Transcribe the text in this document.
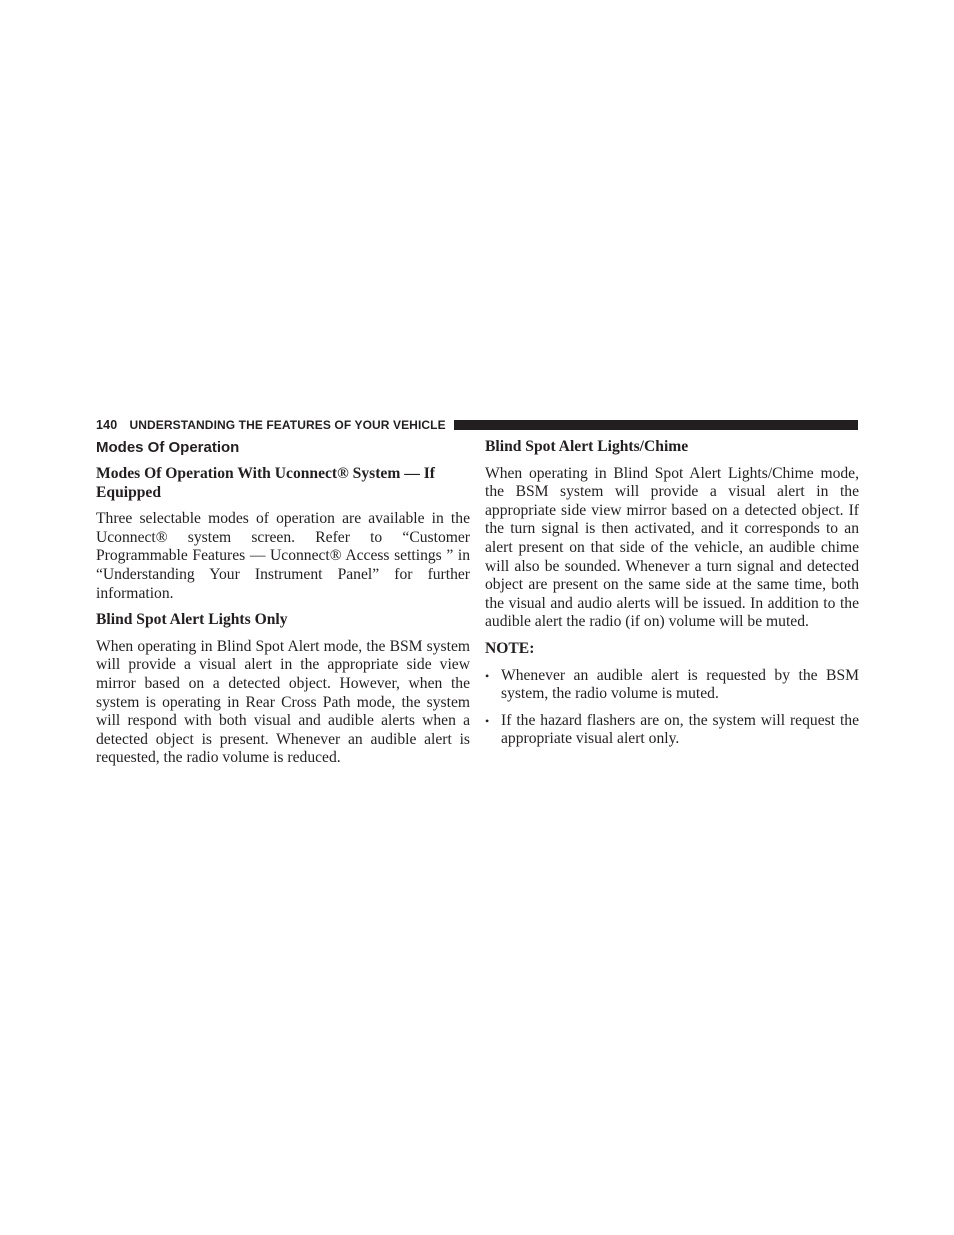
140 UNDERSTANDING THE FEATURES OF YOUR VEHICLE
Modes Of Operation
Modes Of Operation With Uconnect® System — If Equipped

Three selectable modes of operation are available in the Uconnect® system screen. Refer to “Customer Programmable Features — Uconnect® Access settings ” in “Understanding Your Instrument Panel” for further information.

Blind Spot Alert Lights Only

When operating in Blind Spot Alert mode, the BSM system will provide a visual alert in the appropriate side view mirror based on a detected object. However, when the system is operating in Rear Cross Path mode, the system will respond with both visual and audible alerts when a detected object is present. Whenever an audible alert is requested, the radio volume is reduced.

Blind Spot Alert Lights/Chime

When operating in Blind Spot Alert Lights/Chime mode, the BSM system will provide a visual alert in the appropriate side view mirror based on a detected object. If the turn signal is then activated, and it corresponds to an alert present on that side of the vehicle, an audible chime will also be sounded. Whenever a turn signal and detected object are present on the same side at the same time, both the visual and audio alerts will be issued. In addition to the audible alert the radio (if on) volume will be muted.

NOTE:
• Whenever an audible alert is requested by the BSM system, the radio volume is muted.
• If the hazard flashers are on, the system will request the appropriate visual alert only.
